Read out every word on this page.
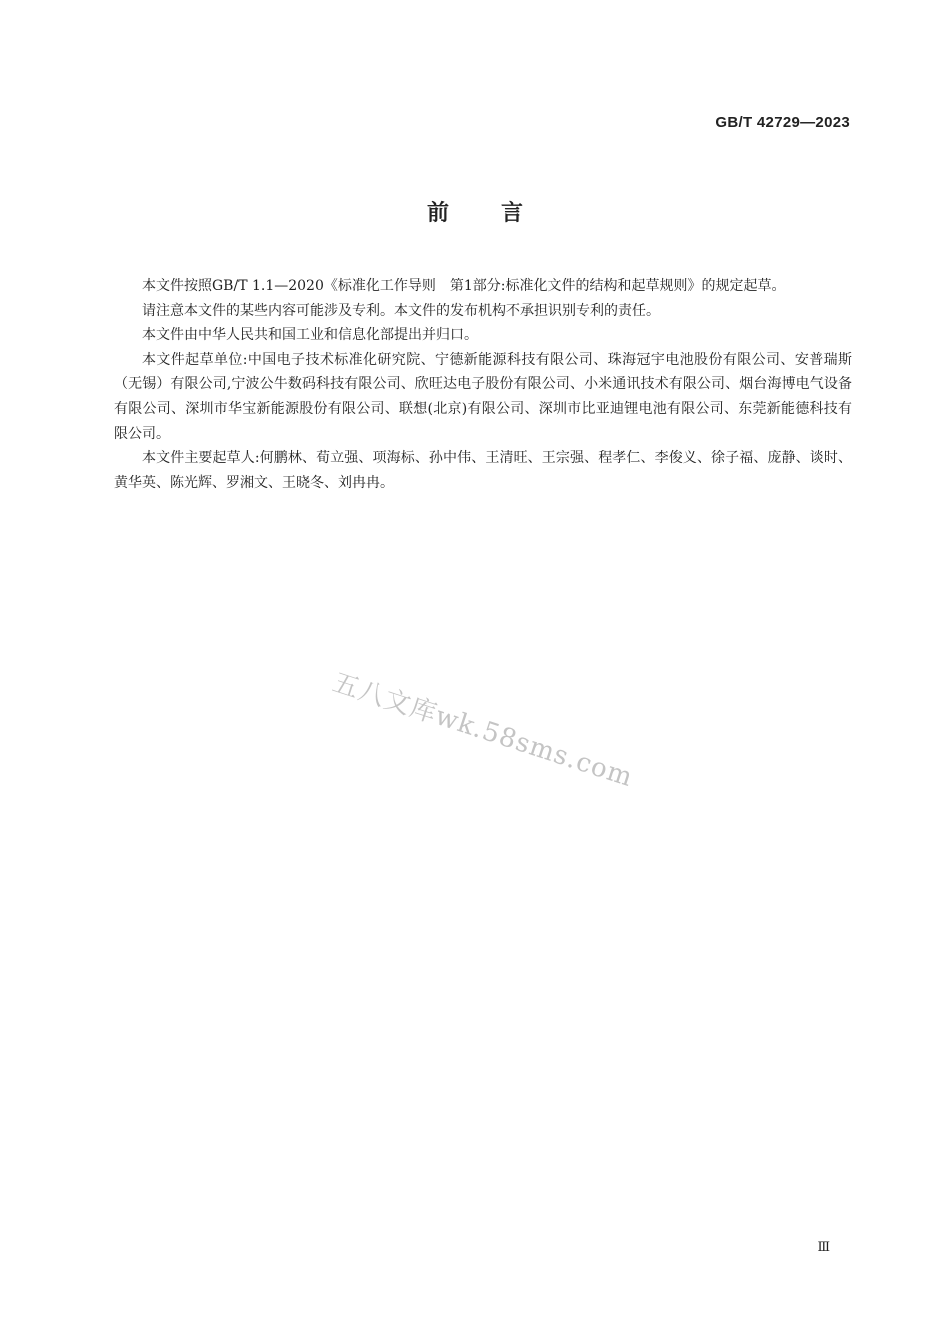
GB/T 42729—2023
前言

本文件按照GB/T 1.1—2020《标准化工作导则　第1部分:标准化文件的结构和起草规则》的规定起草。

请注意本文件的某些内容可能涉及专利。本文件的发布机构不承担识别专利的责任。

本文件由中华人民共和国工业和信息化部提出并归口。

本文件起草单位:中国电子技术标准化研究院、宁德新能源科技有限公司、珠海冠宇电池股份有限公司、安普瑞斯（无锡）有限公司,宁波公牛数码科技有限公司、欣旺达电子股份有限公司、小米通讯技术有限公司、烟台海博电气设备有限公司、深圳市华宝新能源股份有限公司、联想(北京)有限公司、深圳市比亚迪锂电池有限公司、东莞新能德科技有限公司。

本文件主要起草人:何鹏林、荀立强、项海标、孙中伟、王清旺、王宗强、程孝仁、李俊义、徐子福、庞静、谈时、黄华英、陈光辉、罗湘文、王晓冬、刘冉冉。

五八文库wk.58sms.com
Ⅲ
